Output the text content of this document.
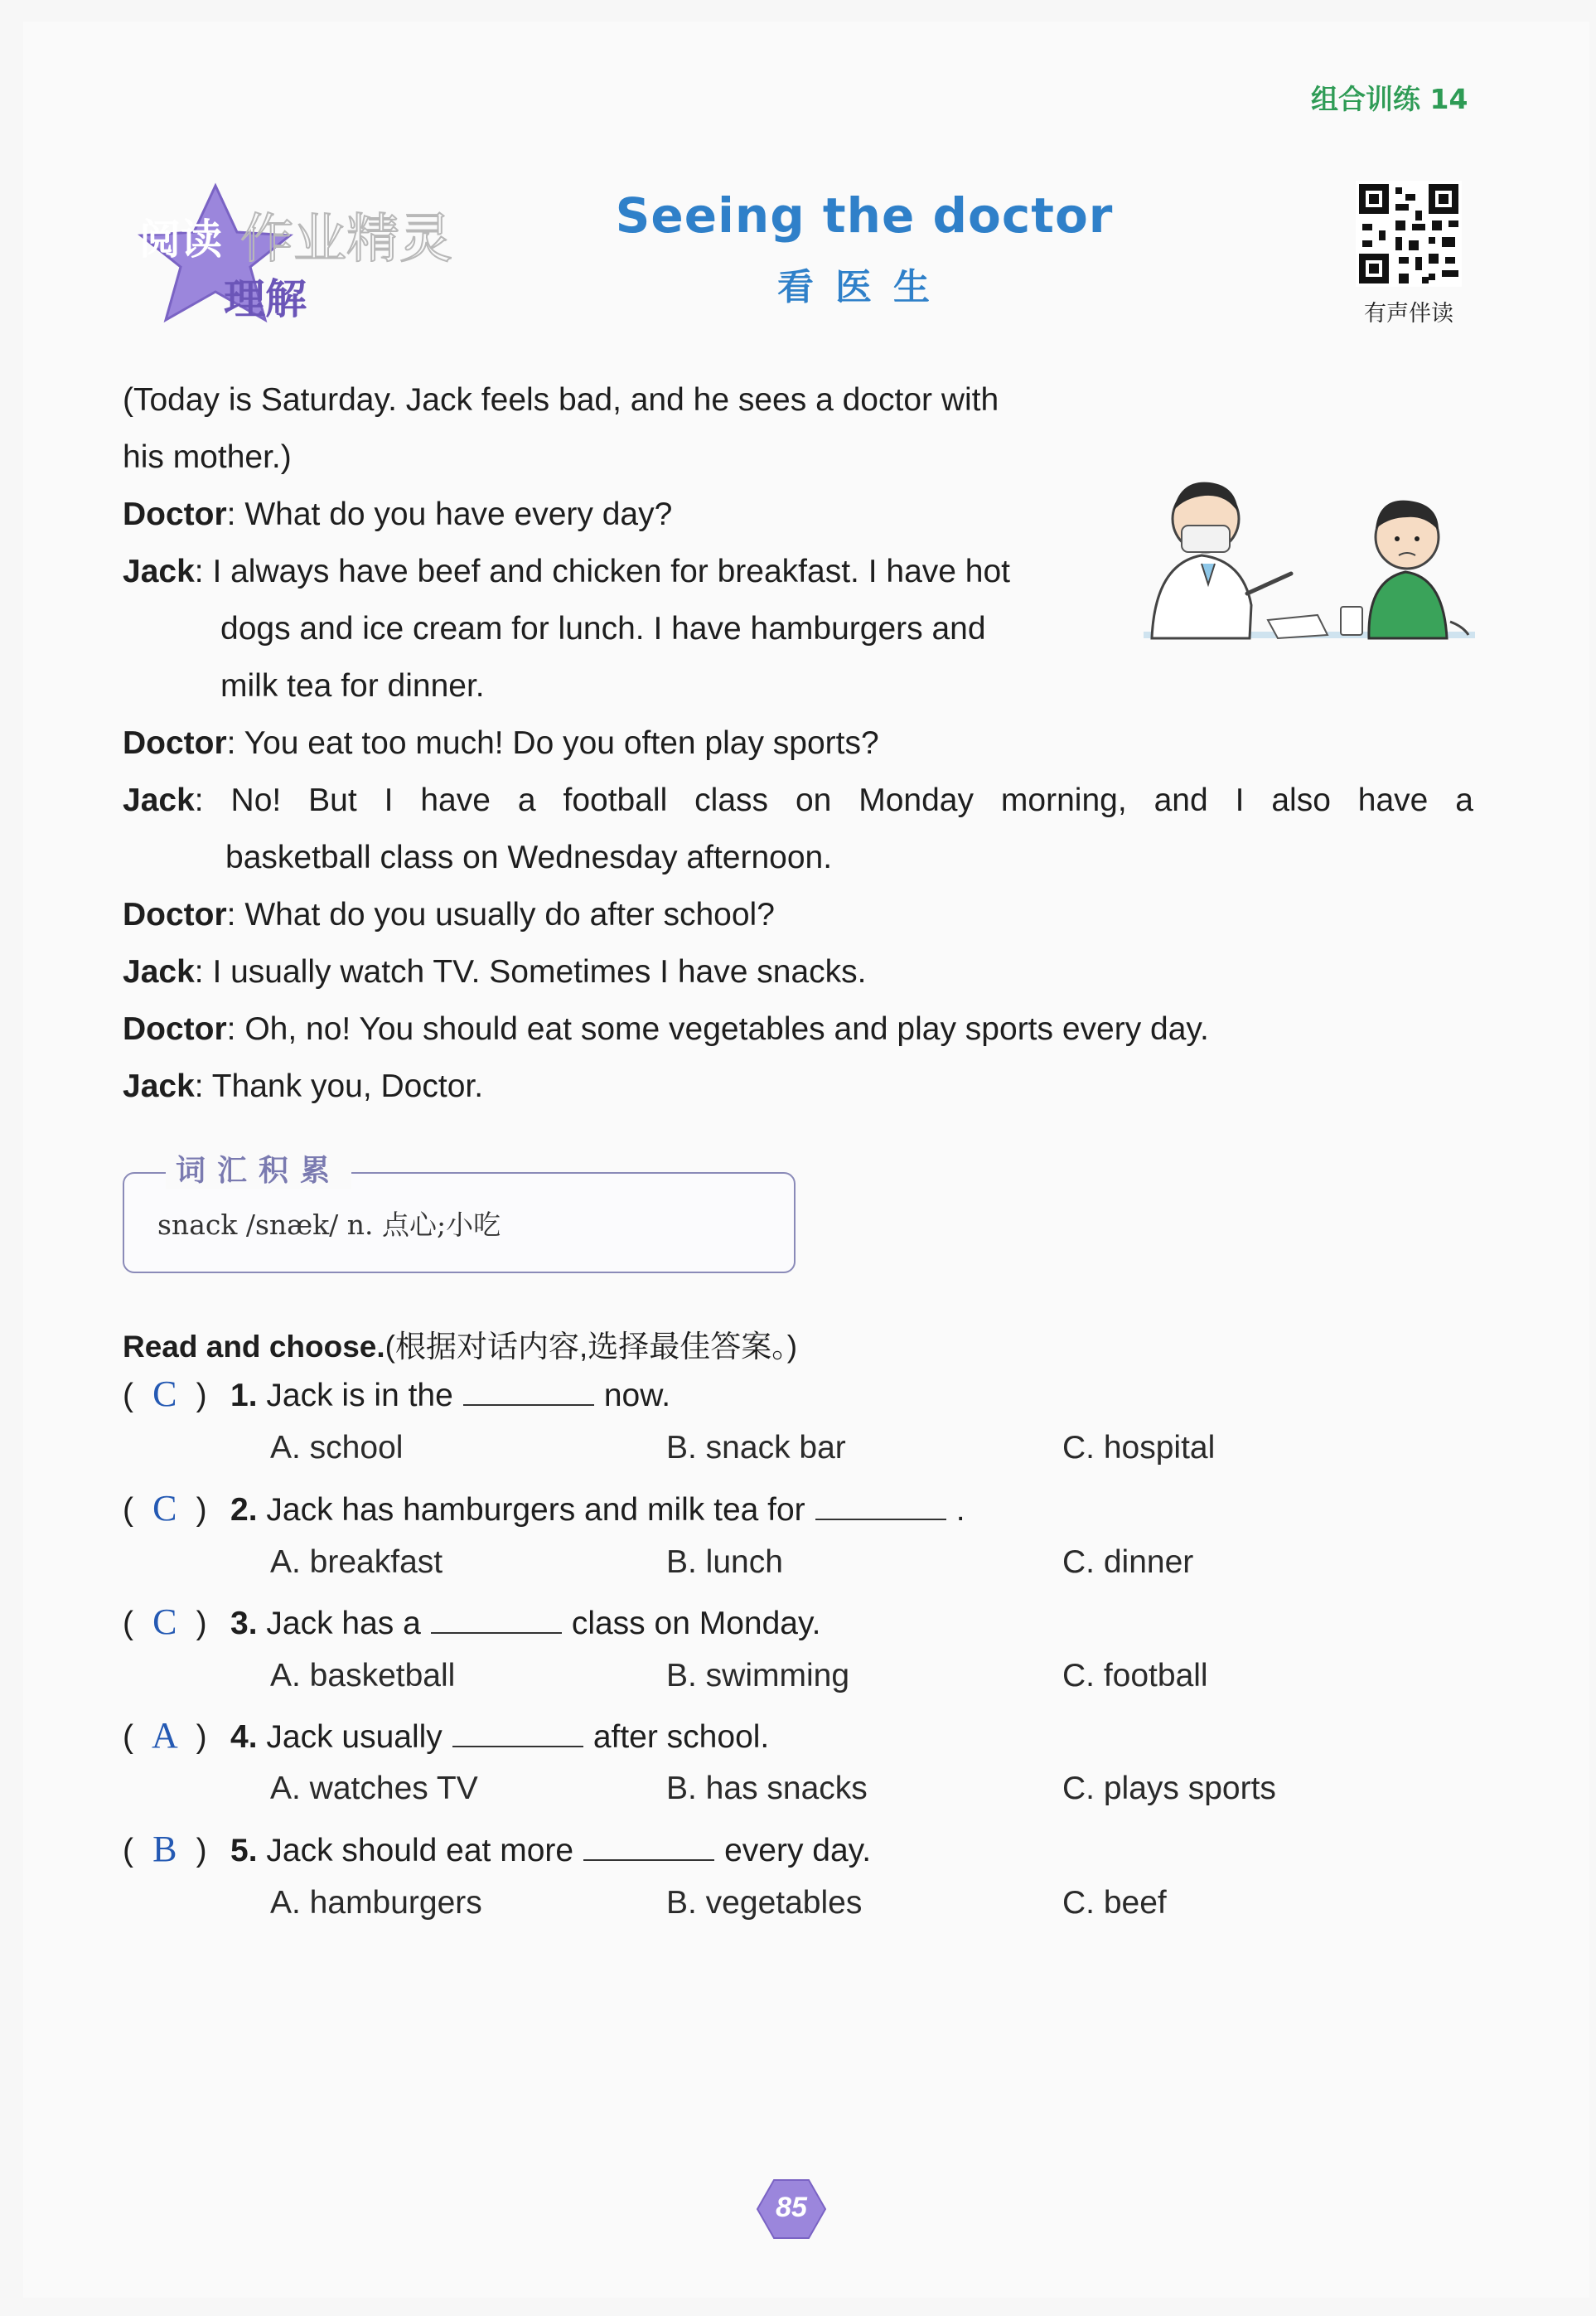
组合训练 14
阅读
理解
作业精灵	Seeing the doctor
看医生
有声伴读
(Today is Saturday. Jack feels bad, and he sees a doctor with
his mother.)
Doctor: What do you have every day?
Jack: I always have beef and chicken for breakfast. I have hot
dogs and ice cream for lunch. I have hamburgers and
milk tea for dinner.
Doctor: You eat too much! Do you often play sports?
Jack: No! But I have a football class on Monday morning, and I also have a
basketball class on Wednesday afternoon.
Doctor: What do you usually do after school?
Jack: I usually watch TV. Sometimes I have snacks.
Doctor: Oh, no! You should eat some vegetables and play sports every day.
Jack: Thank you, Doctor.
词汇积累
snack /snæk/ n. 点心;小吃
Read and choose.(根据对话内容,选择最佳答案。)
( C ) 1. Jack is in the	now.
A. school	B. snack bar	C. hospital
( C ) 2. Jack has hamburgers and milk tea for	.
A. breakfast	B. lunch	C. dinner
( C ) 3. Jack has a	class on Monday.
A. basketball	B. swimming	C. football
( A ) 4. Jack usually	after school.
A. watches TV	B. has snacks	C. plays sports
( B ) 5. Jack should eat more	every day.
A. hamburgers	B. vegetables	C. beef
85
